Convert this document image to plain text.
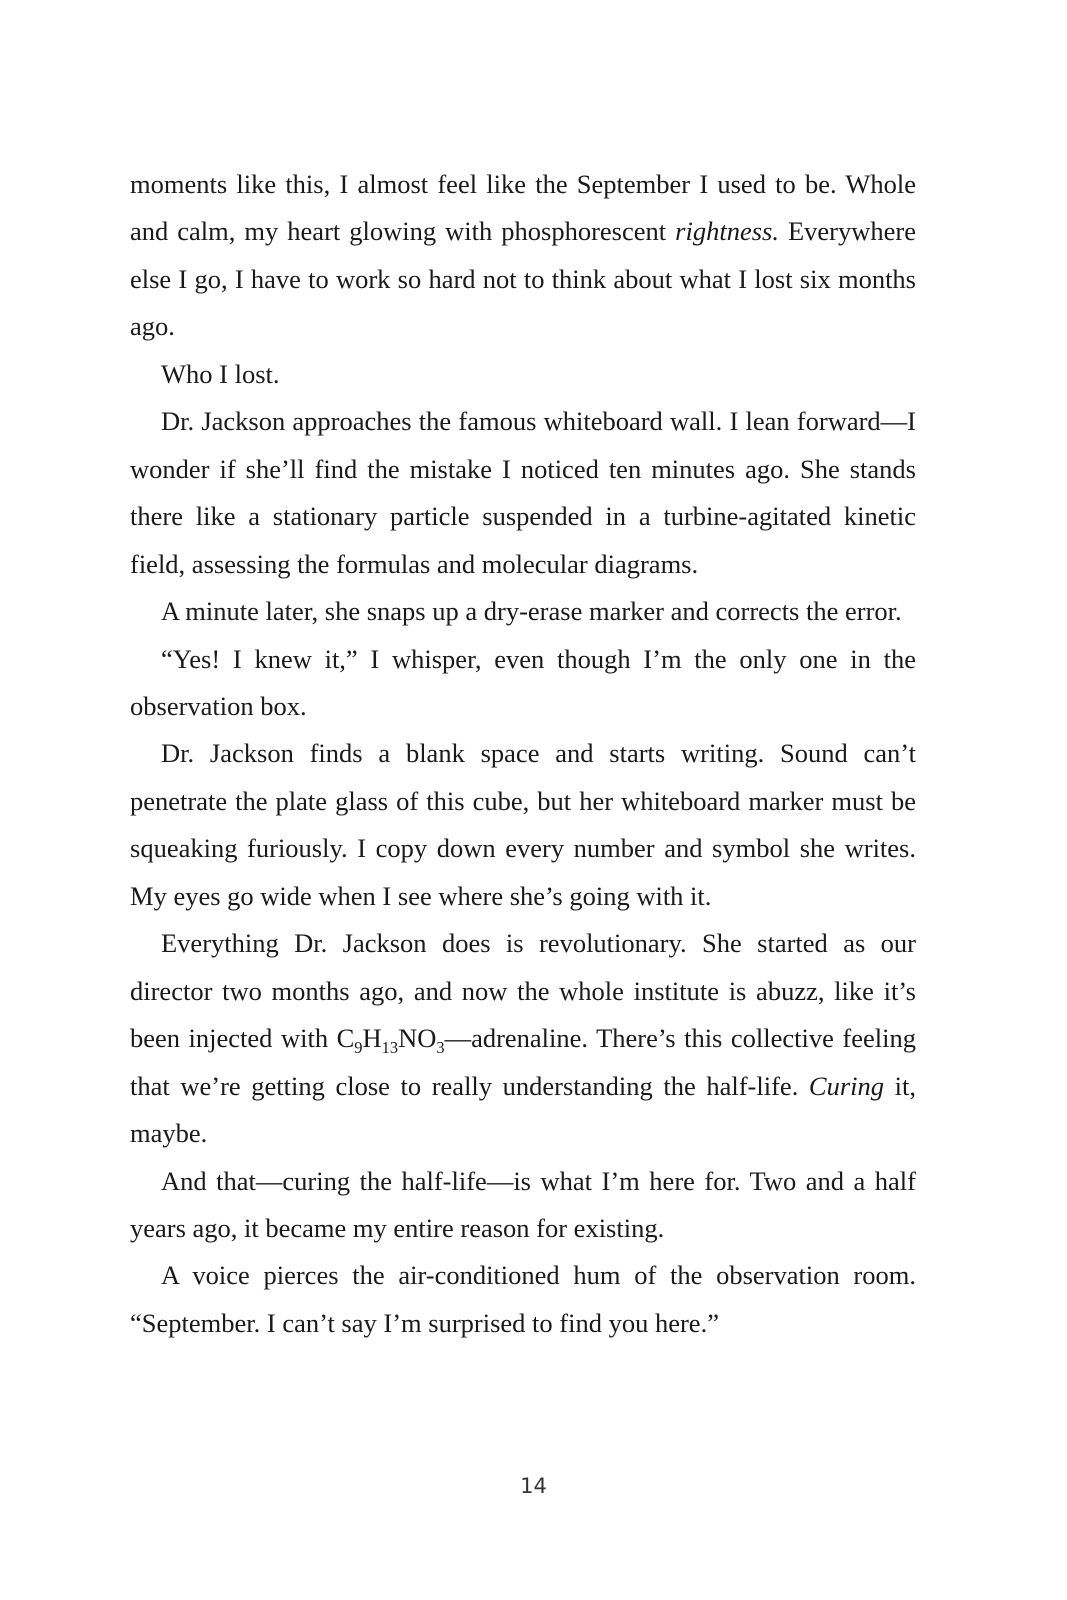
moments like this, I almost feel like the September I used to be. Whole and calm, my heart glowing with phosphorescent rightness. Everywhere else I go, I have to work so hard not to think about what I lost six months ago.

Who I lost.

Dr. Jackson approaches the famous whiteboard wall. I lean forward—I wonder if she’ll find the mistake I noticed ten minutes ago. She stands there like a stationary particle suspended in a turbine-agitated kinetic field, assessing the formulas and molecular diagrams.

A minute later, she snaps up a dry-erase marker and corrects the error.

“Yes! I knew it,” I whisper, even though I’m the only one in the observation box.

Dr. Jackson finds a blank space and starts writing. Sound can’t penetrate the plate glass of this cube, but her whiteboard marker must be squeaking furiously. I copy down every number and symbol she writes. My eyes go wide when I see where she’s going with it.

Everything Dr. Jackson does is revolutionary. She started as our director two months ago, and now the whole institute is abuzz, like it’s been injected with $C_9H_{13}NO_3—adrenaline$. There’s this collective feeling that we’re getting close to really understanding the half-life. Curing it, maybe.

And that—curing the half-life—is what I’m here for. Two and a half years ago, it became my entire reason for existing.

A voice pierces the air-conditioned hum of the observation room.

“September. I can’t say I’m surprised to find you here.”

14
